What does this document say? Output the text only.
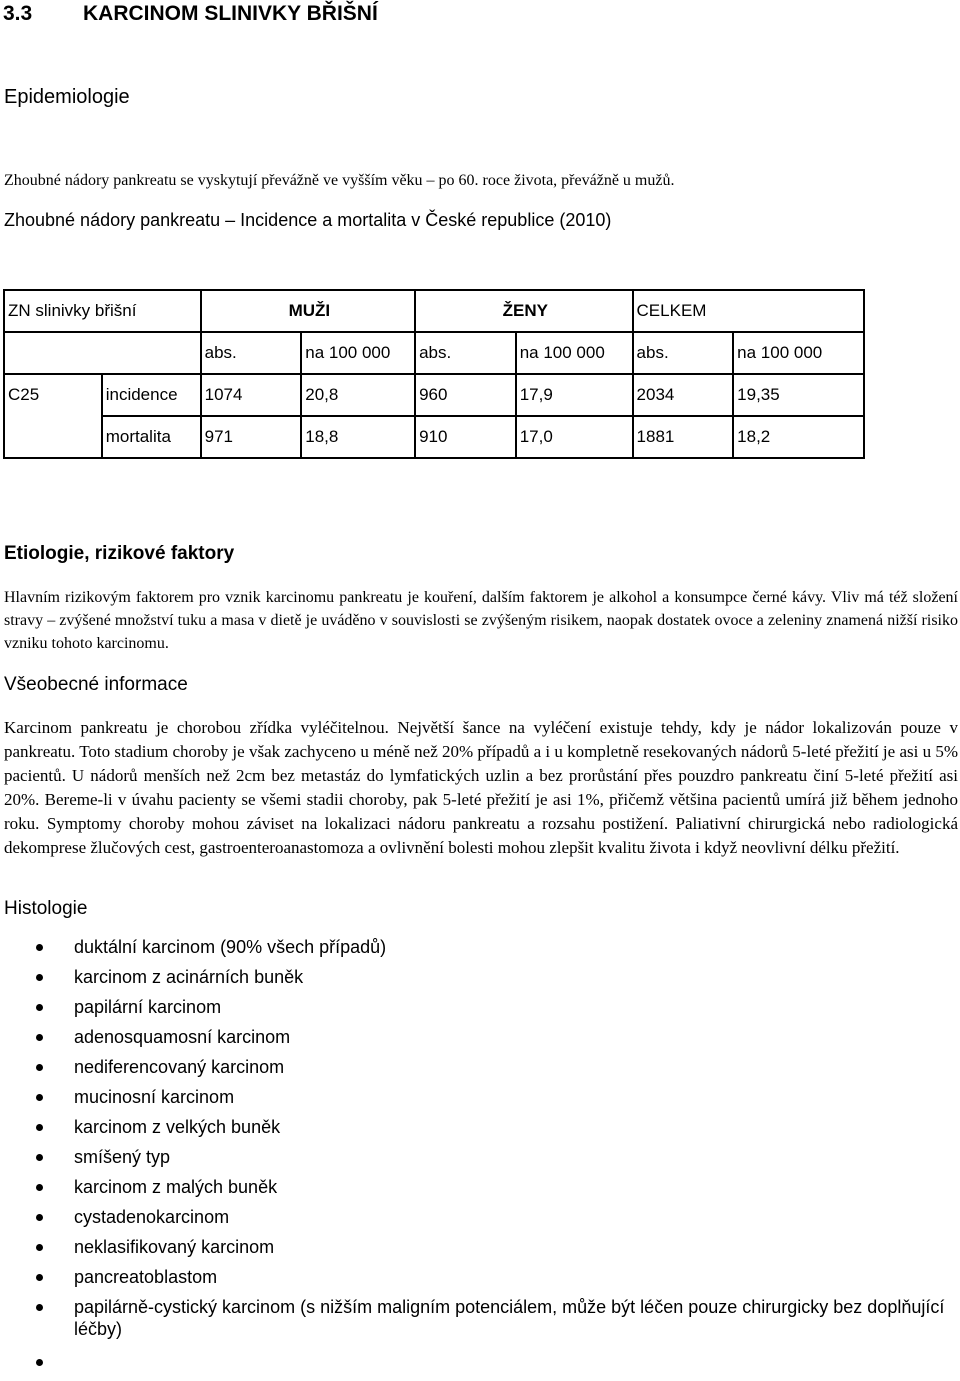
3.3 KARCINOM SLINIVKY BŘIŠNÍ
Epidemiologie
Zhoubné nádory pankreatu se vyskytují převážně ve vyšším věku – po 60. roce života, převážně u mužů.
Zhoubné nádory pankreatu – Incidence a mortalita v České republice (2010)
ZN slinivky břišní		MUŽI		ŽENY		CELKEM	
		abs.	na 100 000	abs.	na 100 000	abs.	na 100 000
C25	incidence	1074	20,8	960	17,9	2034	19,35
	mortalita	971	18,8	910	17,0	1881	18,2
Etiologie, rizikové faktory
Hlavním rizikovým faktorem pro vznik karcinomu pankreatu je kouření, dalším faktorem je alkohol a konsumpce černé kávy. Vliv má též složení stravy – zvýšené množství tuku a masa v dietě je uváděno v souvislosti se zvýšeným risikem, naopak dostatek ovoce a zeleniny znamená nižší risiko vzniku tohoto karcinomu.
Všeobecné informace
Karcinom pankreatu je chorobou zřídka vyléčitelnou. Největší šance na vyléčení existuje tehdy, kdy je nádor lokalizován pouze v pankreatu. Toto stadium choroby je však zachyceno u méně než 20% případů a i u kompletně resekovaných nádorů 5-leté přežití je asi u 5% pacientů. U nádorů menších než 2cm bez metastáz do lymfatických uzlin a bez prorůstání přes pouzdro pankreatu činí 5-leté přežití asi 20%. Bereme-li v úvahu pacienty se všemi stadii choroby, pak 5-leté přežití je asi 1%, přičemž většina pacientů umírá již během jednoho roku. Symptomy choroby mohou záviset na lokalizaci nádoru pankreatu a rozsahu postižení. Paliativní chirurgická nebo radiologická dekomprese žlučových cest, gastroenteroanastomoza a ovlivnění bolesti mohou zlepšit kvalitu života i když neovlivní délku přežití.
Histologie
duktální karcinom (90% všech případů)
karcinom z acinárních buněk
papilární karcinom
adenosquamosní karcinom
nediferencovaný karcinom
mucinosní karcinom
karcinom z velkých buněk
smíšený typ
karcinom z malých buněk
cystadenokarcinom
neklasifikovaný karcinom
pancreatoblastom
papilárně-cystický karcinom (s nižším maligním potenciálem, může být léčen pouze chirurgicky bez doplňující léčby)
